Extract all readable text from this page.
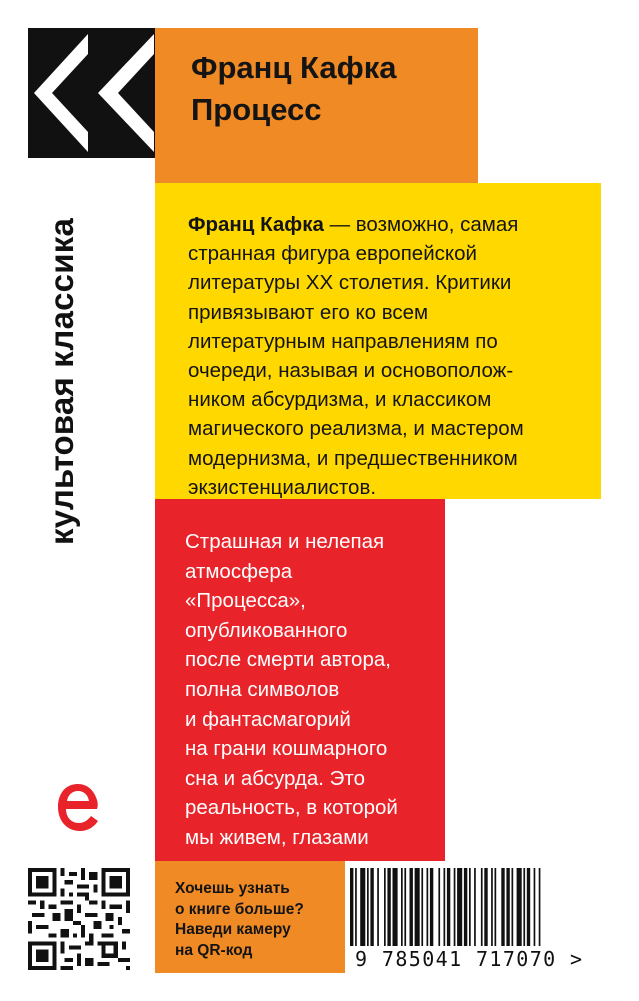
культовая классика
Франц Кафка
Процесс
Франц Кафка — возможно, самая
странная фигура европейской
литературы XX столетия. Критики
привязывают его ко всем
литературным направлениям по
очереди, называя и основополож-
ником абсурдизма, и классиком
магического реализма, и мастером
модернизма, и предшественником
экзистенциалистов.
Страшная и нелепая
атмосфера
«Процесса»,
опубликованного
после смерти автора,
полна символов
и фантасмагорий
на грани кошмарного
сна и абсурда. Это
реальность, в которой
мы живем, глазами
Хочешь узнать
о книге больше?
Наведи камеру
на QR-код	9 785041 717070 >
